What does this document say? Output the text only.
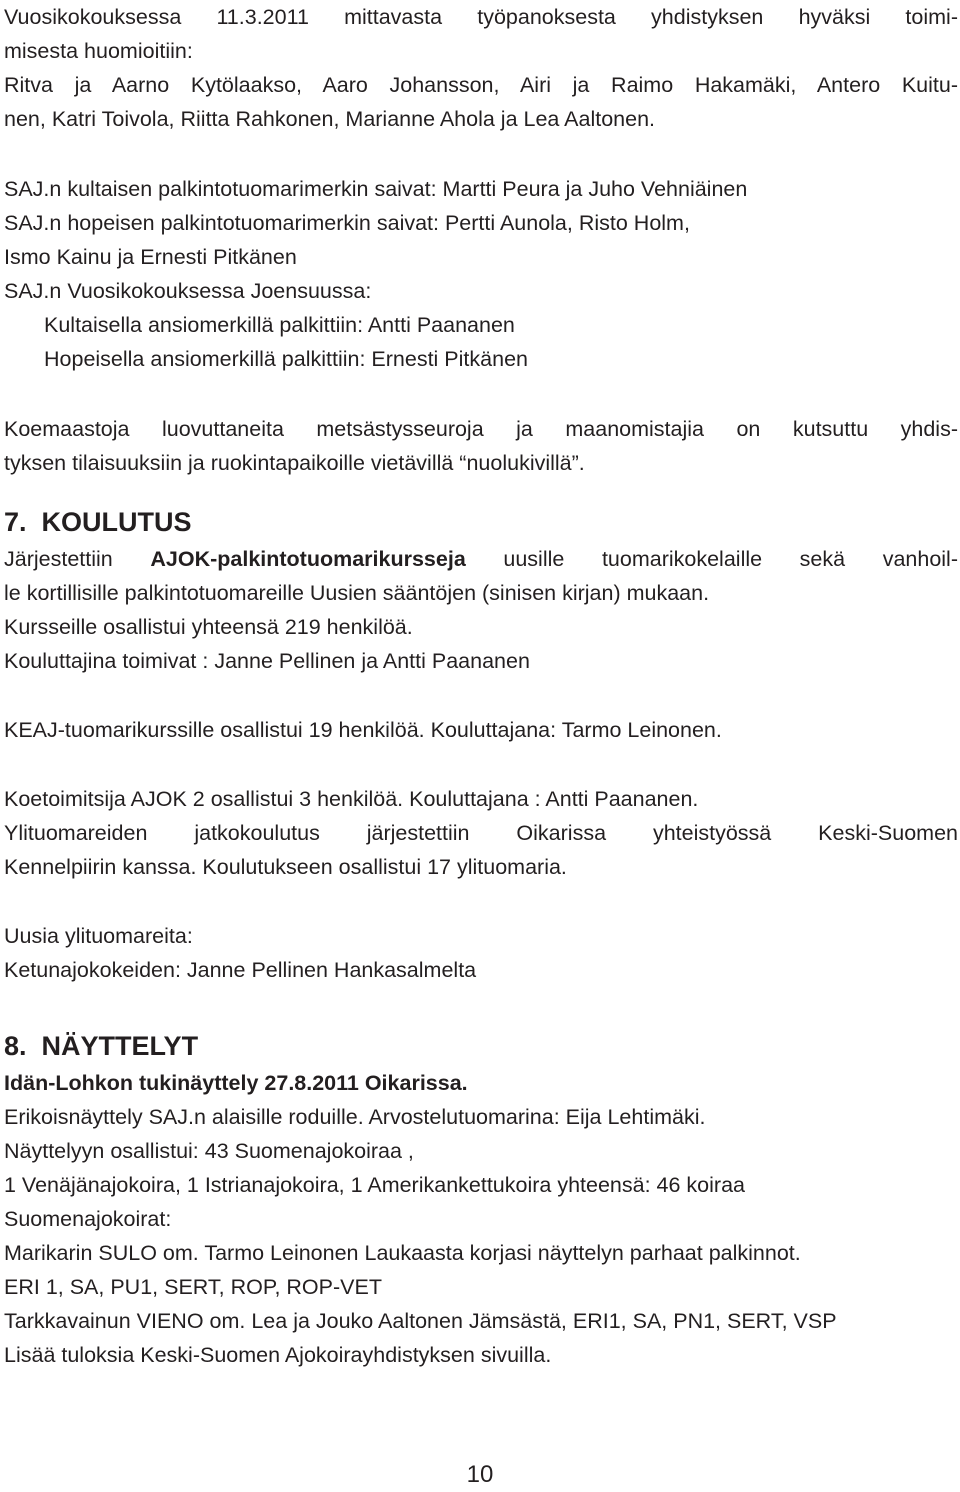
Vuosikokouksessa 11.3.2011 mittavasta työpanoksesta yhdistyksen hyväksi toimi-
misesta huomioitiin:
Ritva ja Aarno Kytölaakso, Aaro Johansson, Airi ja Raimo Hakamäki, Antero Kuitu-
nen, Katri Toivola, Riitta Rahkonen, Marianne Ahola ja Lea Aaltonen.
SAJ.n kultaisen palkintotuomarimerkin saivat: Martti Peura ja Juho Vehniäinen
SAJ.n hopeisen palkintotuomarimerkin saivat: Pertti Aunola, Risto Holm,
Ismo Kainu ja Ernesti Pitkänen
SAJ.n Vuosikokouksessa Joensuussa:
Kultaisella ansiomerkillä palkittiin: Antti Paananen
Hopeisella ansiomerkillä palkittiin: Ernesti Pitkänen
Koemaastoja luovuttaneita metsästysseuroja ja maanomistajia on kutsuttu yhdis-
tyksen tilaisuuksiin ja ruokintapaikoille vietävillä “nuolukivillä”.
7. KOULUTUS
Järjestettiin AJOK-palkintotuomarikursseja uusille tuomarikokelaille sekä vanhoil-
le kortillisille palkintotuomareille Uusien sääntöjen (sinisen kirjan) mukaan.
Kursseille osallistui yhteensä 219 henkilöä.
Kouluttajina toimivat : Janne Pellinen ja Antti Paananen
KEAJ-tuomarikurssille osallistui 19 henkilöä. Kouluttajana: Tarmo Leinonen.
Koetoimitsija AJOK 2 osallistui 3 henkilöä. Kouluttajana : Antti Paananen.
Ylituomareiden jatkokoulutus järjestettiin Oikarissa yhteistyössä Keski-Suomen
Kennelpiirin kanssa. Koulutukseen osallistui 17 ylituomaria.
Uusia ylituomareita:
Ketunajokokeiden: Janne Pellinen Hankasalmelta
8. NÄYTTELYT
Idän-Lohkon tukinäyttely 27.8.2011 Oikarissa.
Erikoisnäyttely SAJ.n alaisille roduille. Arvostelutuomarina: Eija Lehtimäki.
Näyttelyyn osallistui: 43 Suomenajokoiraa ,
1 Venäjänajokoira, 1 Istrianajokoira, 1 Amerikankettukoira yhteensä: 46 koiraa
Suomenajokoirat:
Marikarin SULO om. Tarmo Leinonen Laukaasta korjasi näyttelyn parhaat palkinnot.
ERI 1, SA, PU1, SERT, ROP, ROP-VET
Tarkkavainun VIENO om. Lea ja Jouko Aaltonen Jämsästä, ERI1, SA, PN1, SERT, VSP
Lisää tuloksia Keski-Suomen Ajokoirayhdistyksen sivuilla.
10
